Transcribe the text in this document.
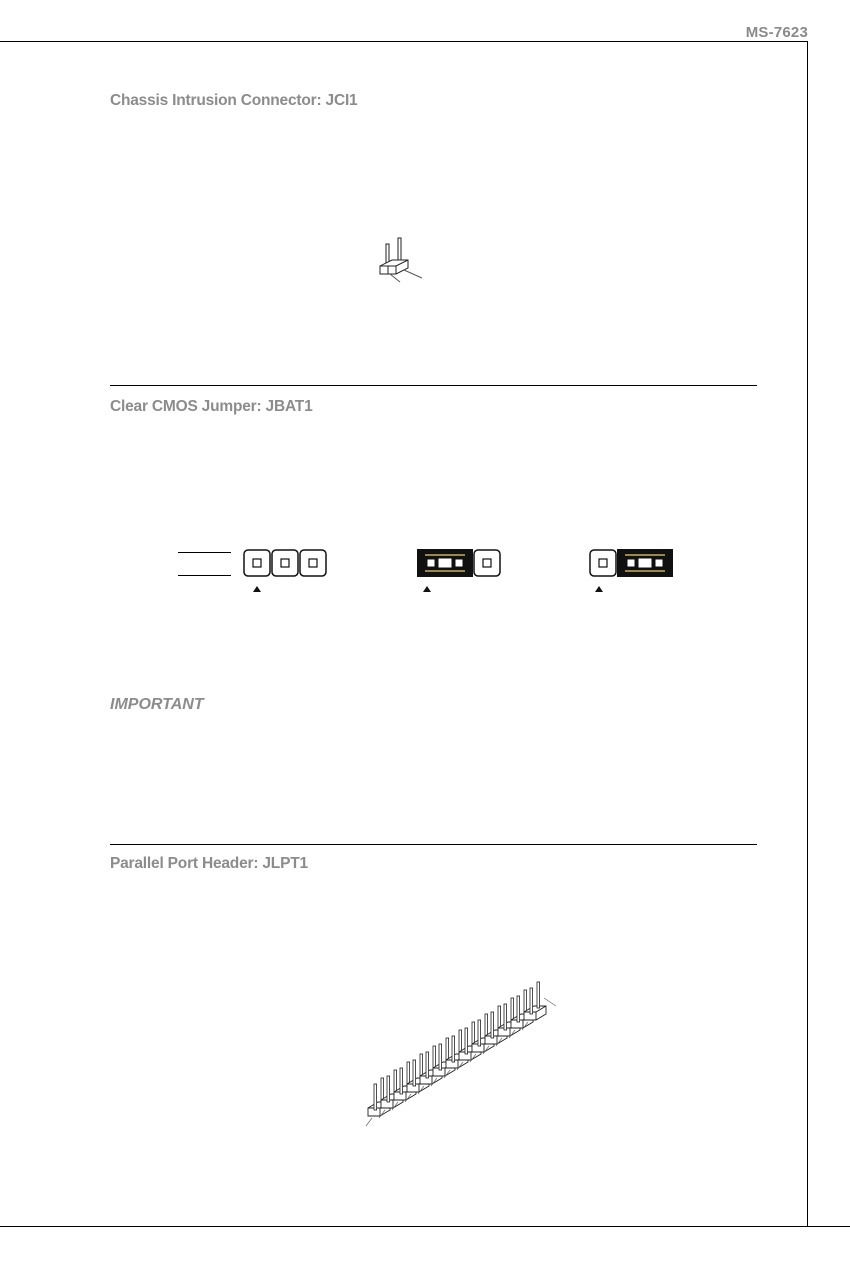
MS-7623
Chassis Intrusion Connector: JCI1
Clear CMOS Jumper: JBAT1
IMPORTANT
Parallel Port Header: JLPT1
